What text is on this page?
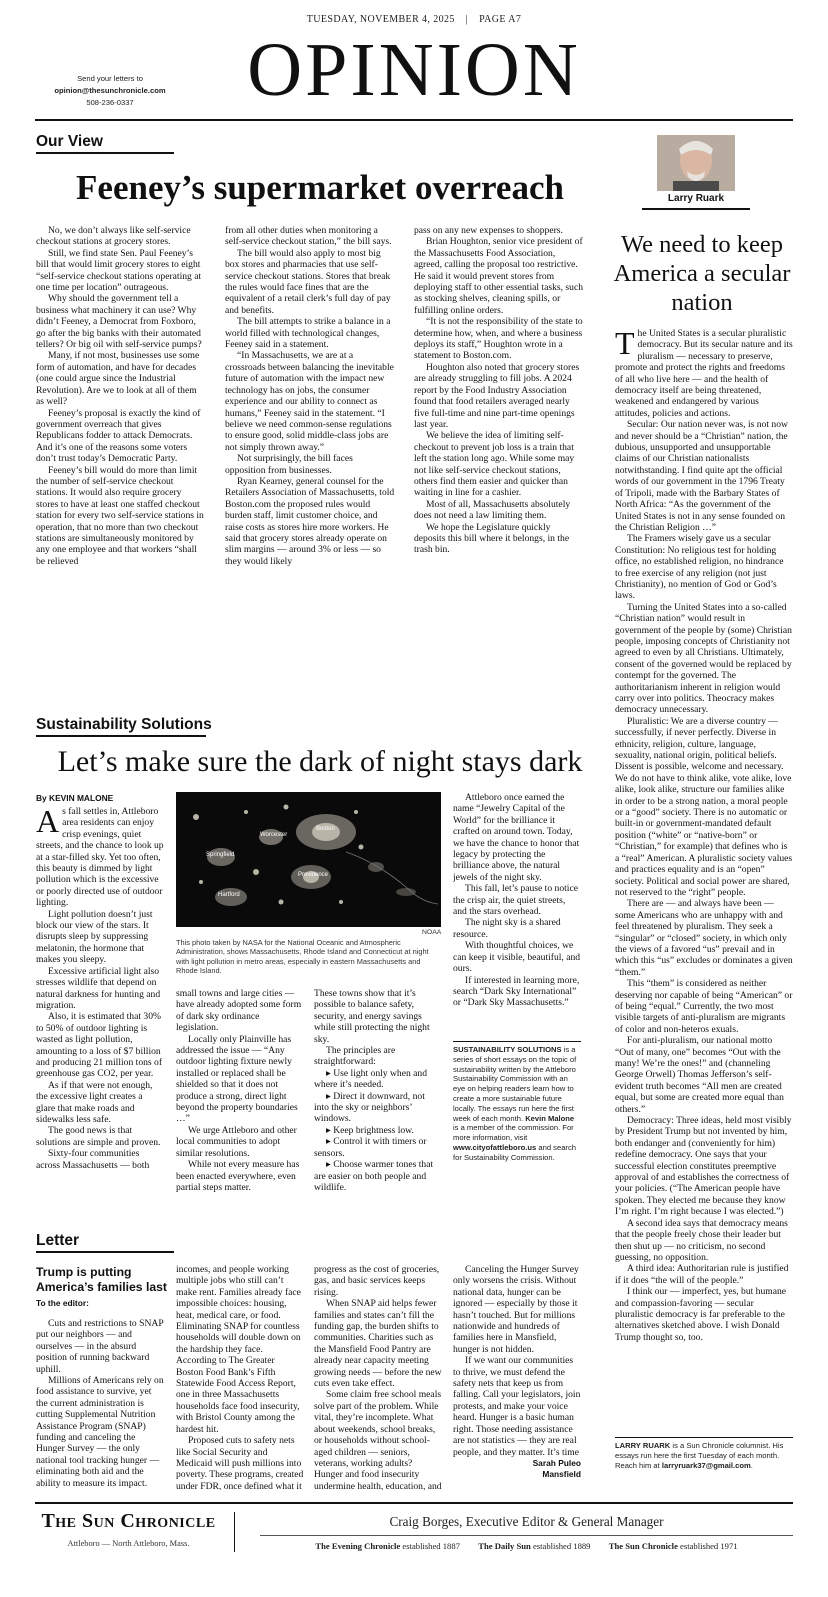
TUESDAY, NOVEMBER 4, 2025 | PAGE A7
OPINION
Send your letters to
opinion@thesunchronicle.com
508-236-0337
Our View
Feeney’s supermarket overreach

No, we don’t always like self-service checkout stations at grocery stores.

Still, we find state Sen. Paul Feeney’s bill that would limit grocery stores to eight “self-service checkout stations operating at one time per location” outrageous.

Why should the government tell a business what machinery it can use? Why didn’t Feeney, a Democrat from Foxboro, go after the big banks with their automated tellers? Or big oil with self-service pumps?

Many, if not most, businesses use some form of automation, and have for decades (one could argue since the Industrial Revolution). Are we to look at all of them as well?

Feeney’s proposal is exactly the kind of government overreach that gives Republicans fodder to attack Democrats. And it’s one of the reasons some voters don’t trust today’s Democratic Party.

Feeney’s bill would do more than limit the number of self-service checkout stations. It would also require grocery stores to have at least one staffed checkout station for every two self-service stations in operation, that no more than two checkout stations are simultaneously monitored by any one employee and that workers “shall be relieved

from all other duties when monitoring a self-service checkout station,” the bill says.

The bill would also apply to most big box stores and pharmacies that use self-service checkout stations. Stores that break the rules would face fines that are the equivalent of a retail clerk’s full day of pay and benefits.

The bill attempts to strike a balance in a world filled with technological changes, Feeney said in a statement.

“In Massachusetts, we are at a crossroads between balancing the inevitable future of automation with the impact new technology has on jobs, the consumer experience and our ability to connect as humans,” Feeney said in the statement. “I believe we need common-sense regulations to ensure good, solid middle-class jobs are not simply thrown away.”

Not surprisingly, the bill faces opposition from businesses.

Ryan Kearney, general counsel for the Retailers Association of Massachusetts, told Boston.com the proposed rules would burden staff, limit customer choice, and raise costs as stores hire more workers. He said that grocery stores already operate on slim margins — around 3% or less — so they would likely

pass on any new expenses to shoppers.

Brian Houghton, senior vice president of the Massachusetts Food Association, agreed, calling the proposal too restrictive. He said it would prevent stores from deploying staff to other essential tasks, such as stocking shelves, cleaning spills, or fulfilling online orders.

“It is not the responsibility of the state to determine how, when, and where a business deploys its staff,” Houghton wrote in a statement to Boston.com.

Houghton also noted that grocery stores are already struggling to fill jobs. A 2024 report by the Food Industry Association found that food retailers averaged nearly five full-time and nine part-time openings last year.

We believe the idea of limiting self-checkout to prevent job loss is a train that left the station long ago. While some may not like self-service checkout stations, others find them easier and quicker than waiting in line for a cashier.

Most of all, Massachusetts absolutely does not need a law limiting them.

We hope the Legislature quickly deposits this bill where it belongs, in the trash bin.

Larry Ruark
We need to keep America a secular nation

The United States is a secular pluralistic democracy. But its secular nature and its pluralism — necessary to preserve, promote and protect the rights and freedoms of all who live here — and the health of democracy itself are being threatened, weakened and endangered by various attitudes, policies and actions.

Secular: Our nation never was, is not now and never should be a “Christian” nation, the dubious, unsupported and unsupportable claims of our Christian nationalists notwithstanding. I find quite apt the official words of our government in the 1796 Treaty of Tripoli, made with the Barbary States of North Africa: “As the government of the United States is not in any sense founded on the Christian Religion …”

The Framers wisely gave us a secular Constitution: No religious test for holding office, no established religion, no hindrance to free exercise of any religion (not just Christianity), no mention of God or God’s laws.

Turning the United States into a so-called “Christian nation” would result in government of the people by (some) Christian people, imposing concepts of Christianity not agreed to even by all Christians. Ultimately, consent of the governed would be replaced by contempt for the governed. The authoritarianism inherent in religion would carry over into politics. Theocracy makes democracy unnecessary.

Pluralistic: We are a diverse country — successfully, if never perfectly. Diverse in ethnicity, religion, culture, language, sexuality, national origin, political beliefs. Dissent is possible, welcome and necessary. We do not have to think alike, vote alike, love alike, look alike, structure our families alike in order to be a strong nation, a moral people or a “good” society. There is no automatic or built-in or government-mandated default position (“white” or “native-born” or “Christian,” for example) that defines who is a “real” American. A pluralistic society values and practices equality and is an “open” society. Political and social power are shared, not reserved to the “right” people.

There are — and always have been — some Americans who are unhappy with and feel threatened by pluralism. They seek a “singular” or “closed” society, in which only the views of a favored “us” prevail and in which this “us” excludes or dominates a given “them.”

This “them” is considered as neither deserving nor capable of being “American” or of being “equal.” Currently, the two most visible targets of anti-pluralism are migrants of color and non-heteros exuals.

For anti-pluralism, our national motto “Out of many, one” becomes “Out with the many! We’re the ones!” and (channeling George Orwell) Thomas Jefferson’s self-evident truth becomes “All men are created equal, but some are created more equal than others.”

Democracy: Three ideas, held most visibly by President Trump but not invented by him, both endanger and (conveniently for him) redefine democracy. One says that your successful election constitutes preemptive approval of and establishes the correctness of your policies. (“The American people have spoken. They elected me because they know I’m right. I’m right because I was elected.”)

A second idea says that democracy means that the people freely chose their leader but then shut up — no criticism, no second guessing, no opposition.

A third idea: Authoritarian rule is justified if it does “the will of the people.”

I think our — imperfect, yes, but humane and compassion-favoring — secular pluralistic democracy is far preferable to the alternatives sketched above. I wish Donald Trump thought so, too.

LARRY RUARK is a Sun Chronicle columnist. His essays run here the first Tuesday of each month. Reach him at larryruark37@gmail.com.
Sustainability Solutions
Let’s make sure the dark of night stays dark
By KEVIN MALONE

As fall settles in, Attleboro area residents can enjoy crisp evenings, quiet streets, and the chance to look up at a star-filled sky. Yet too often, this beauty is dimmed by light pollution which is the excessive or poorly directed use of outdoor lighting.

Light pollution doesn’t just block our view of the stars. It disrupts sleep by suppressing melatonin, the hormone that makes you sleepy.

Excessive artificial light also stresses wildlife that depend on natural darkness for hunting and migration.

Also, it is estimated that 30% to 50% of outdoor lighting is wasted as light pollution, amounting to a loss of $7 billion and producing 21 million tons of greenhouse gas CO2, per year.

As if that were not enough, the excessive light creates a glare that make roads and sidewalks less safe.

The good news is that solutions are simple and proven.

Sixty-four communities across Massachusetts — both

Boston
Providence
Worcester
Springfield
Hartford
NOAA
This photo taken by NASA for the National Oceanic and Atmospheric Administration, shows Massachusetts, Rhode Island and Connecticut at night with light pollution in metro areas, especially in eastern Massachusetts and Rhode Island.

small towns and large cities — have already adopted some form of dark sky ordinance legislation.

Locally only Plainville has addressed the issue — “Any outdoor lighting fixture newly installed or replaced shall be shielded so that it does not produce a strong, direct light beyond the property boundaries …”

We urge Attleboro and other local communities to adopt similar resolutions.

While not every measure has been enacted everywhere, even partial steps matter.

These towns show that it’s possible to balance safety, security, and energy savings while still protecting the night sky.

The principles are straightforward:

▸ Use light only when and where it’s needed.

▸ Direct it downward, not into the sky or neighbors’ windows.

▸ Keep brightness low.

▸ Control it with timers or sensors.

▸ Choose warmer tones that are easier on both people and wildlife.

Attleboro once earned the name “Jewelry Capital of the World” for the brilliance it crafted on around town. Today, we have the chance to honor that legacy by protecting the brilliance above, the natural jewels of the night sky.

This fall, let’s pause to notice the crisp air, the quiet streets, and the stars overhead.

The night sky is a shared resource.

With thoughtful choices, we can keep it visible, beautiful, and ours.

If interested in learning more, search “Dark Sky International” or “Dark Sky Massachusetts.”

SUSTAINABILITY SOLUTIONS is a series of short essays on the topic of sustainability written by the Attleboro Sustainability Commission with an eye on helping readers learn how to create a more sustainable future locally. The essays run here the first week of each month. Kevin Malone is a member of the commission. For more information, visit www.cityofattleboro.us and search for Sustainability Commission.
Letter
Trump is putting America’s families last
To the editor:

Cuts and restrictions to SNAP put our neighbors — and ourselves — in the absurd position of running backward uphill.

Millions of Americans rely on food assistance to survive, yet the current administration is cutting Supplemental Nutrition Assistance Program (SNAP) funding and canceling the Hunger Survey — the only national tool tracking hunger — eliminating both aid and the ability to measure its impact.

incomes, and people working multiple jobs who still can’t make rent. Families already face impossible choices: housing, heat, medical care, or food. Eliminating SNAP for countless households will double down on the hardship they face. According to The Greater Boston Food Bank’s Fifth Statewide Food Access Report, one in three Massachusetts households face food insecurity, with Bristol County among the hardest hit.

Proposed cuts to safety nets like Social Security and Medicaid will push millions into poverty. These programs, created under FDR, once defined what it

progress as the cost of groceries, gas, and basic services keeps rising.

When SNAP aid helps fewer families and states can’t fill the funding gap, the burden shifts to communities. Charities such as the Mansfield Food Pantry are already near capacity meeting growing needs — before the new cuts even take effect.

Some claim free school meals solve part of the problem. While vital, they’re incomplete. What about weekends, school breaks, or households without school-aged children — seniors, veterans, working adults? Hunger and food insecurity undermine health, education, and

Canceling the Hunger Survey only worsens the crisis. Without national data, hunger can be ignored — especially by those it hasn’t touched. But for millions nationwide and hundreds of families here in Mansfield, hunger is not hidden.

If we want our communities to thrive, we must defend the safety nets that keep us from falling. Call your legislators, join protests, and make your voice heard. Hunger is a basic human right. Those needing assistance are not statistics — they are real people, and they matter. It’s time

Sarah Puleo
Mansfield
The Sun Chronicle
Attleboro — North Attleboro, Mass.
Craig Borges, Executive Editor & General Manager
The Evening Chronicle established 1887 The Daily Sun established 1889 The Sun Chronicle established 1971
